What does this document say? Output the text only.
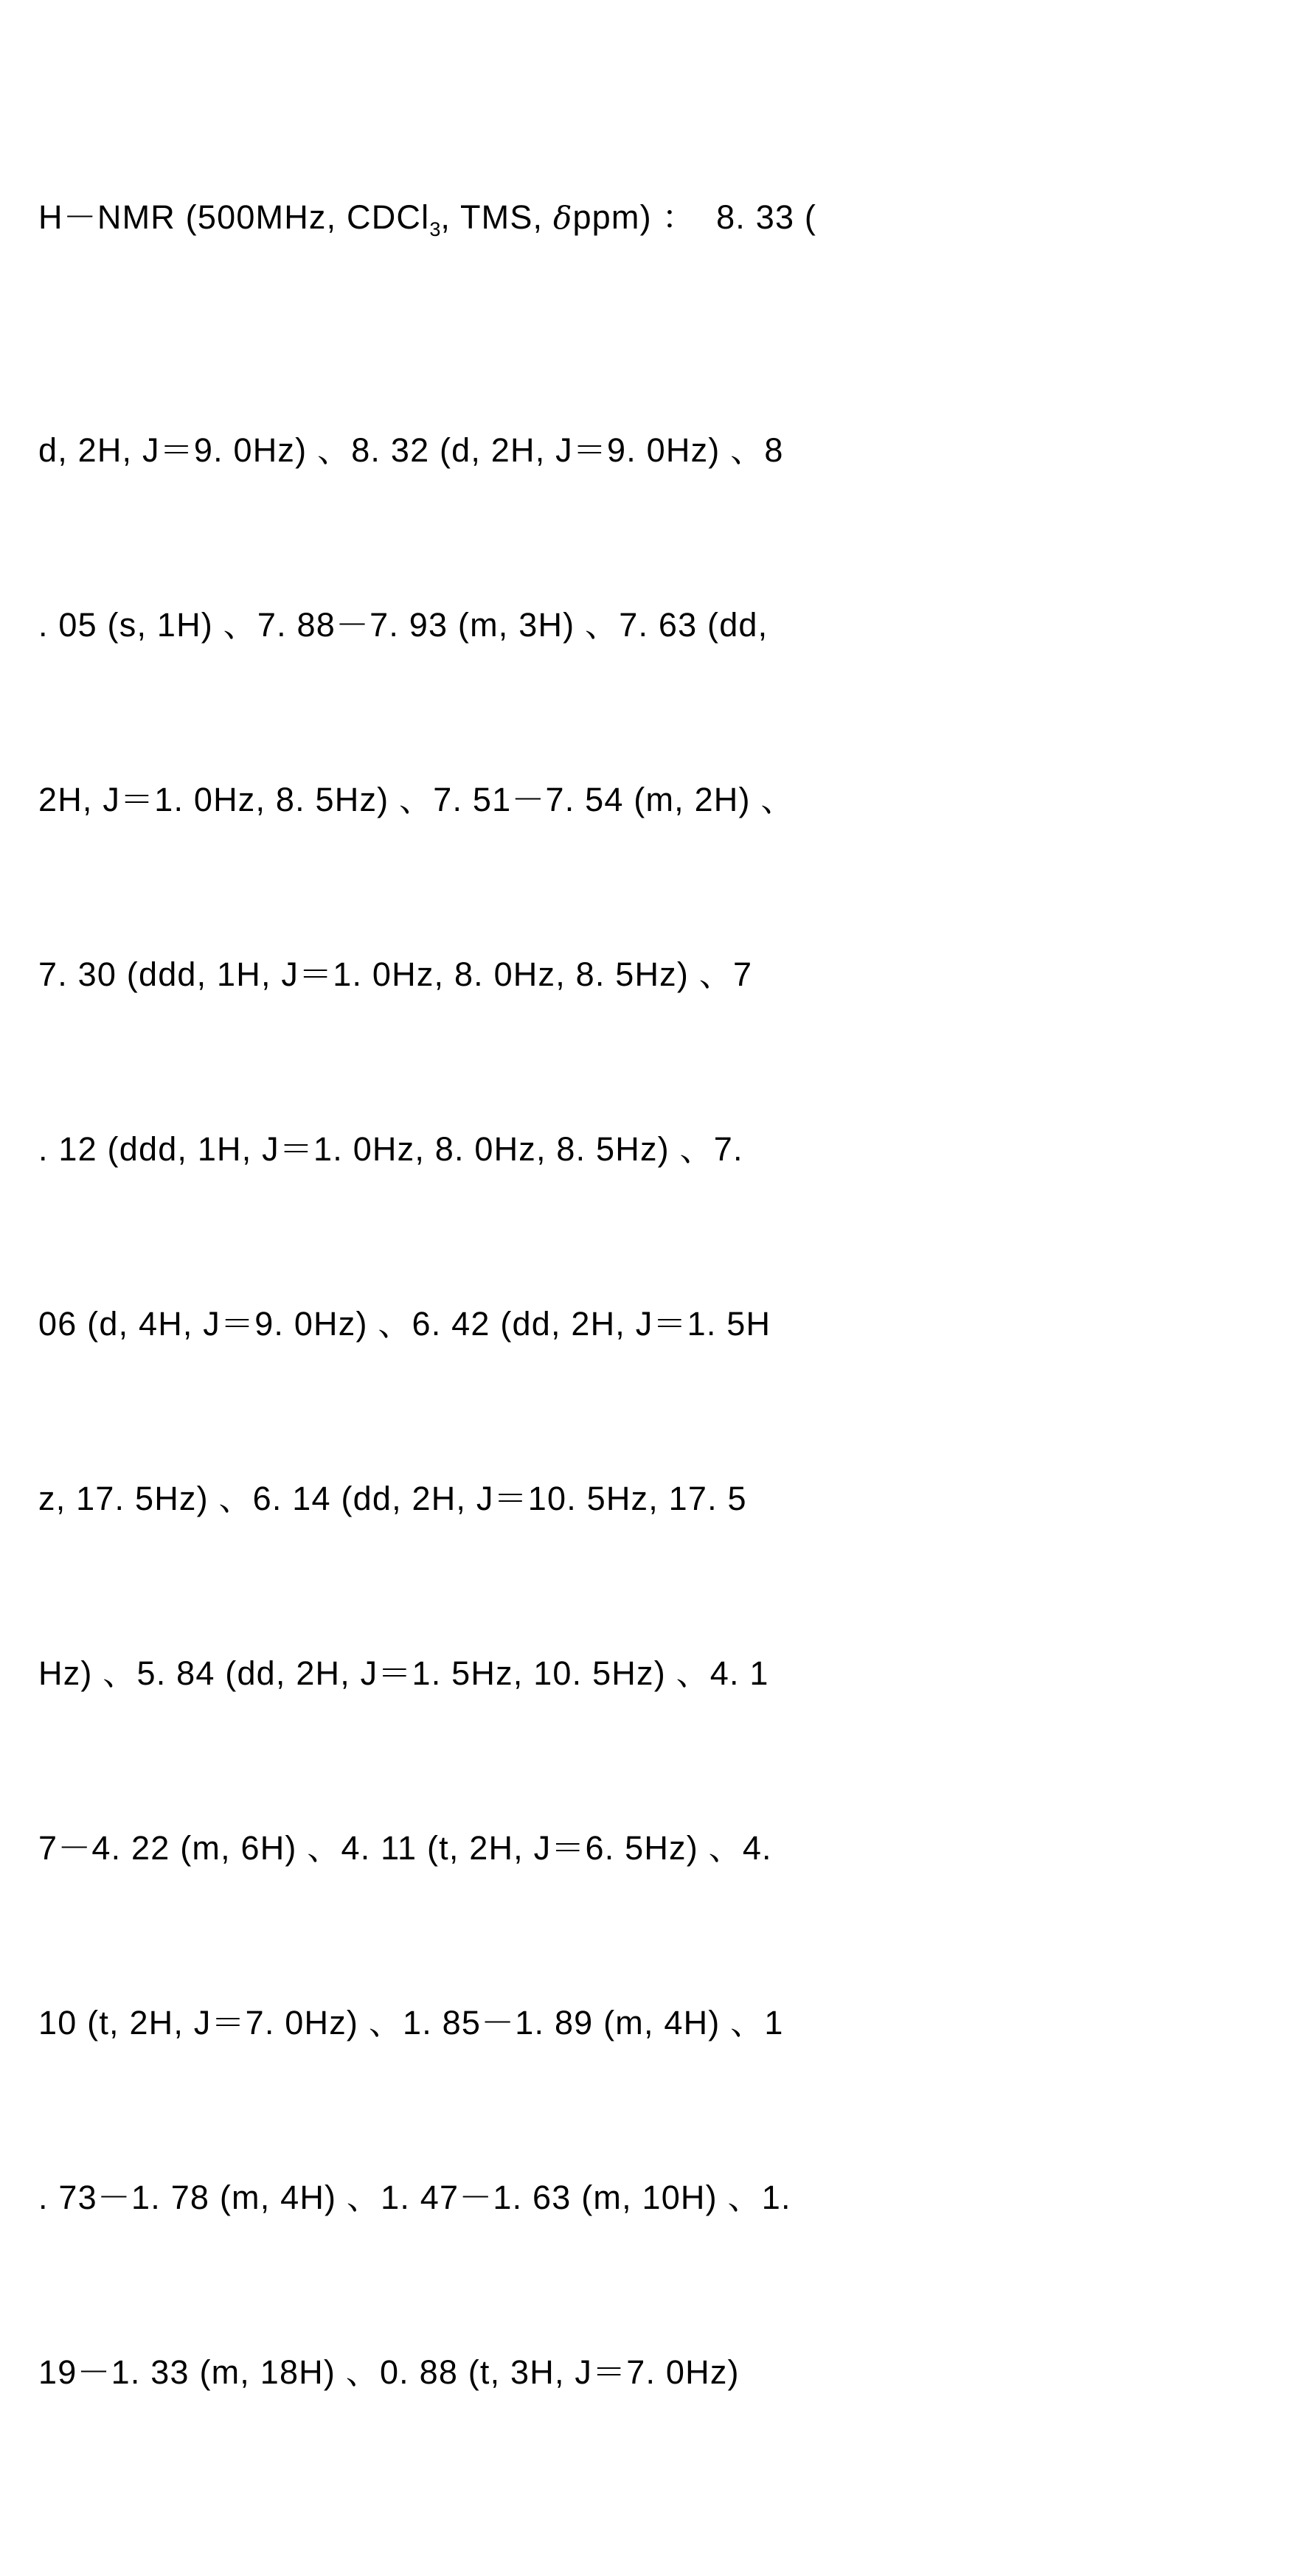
H－NMR (500MHz, CDCl$_3$, TMS, δppm) ：  8. 33 (

d, 2H, J＝9. 0Hz) 、8. 32 (d, 2H, J＝9. 0Hz) 、8

. 05 (s, 1H) 、7. 88－7. 93 (m, 3H) 、7. 63 (dd,

2H, J＝1. 0Hz, 8. 5Hz) 、7. 51－7. 54 (m, 2H) 、

7. 30 (ddd, 1H, J＝1. 0Hz, 8. 0Hz, 8. 5Hz) 、7

. 12 (ddd, 1H, J＝1. 0Hz, 8. 0Hz, 8. 5Hz) 、7.

06 (d, 4H, J＝9. 0Hz) 、6. 42 (dd, 2H, J＝1. 5H

z, 17. 5Hz) 、6. 14 (dd, 2H, J＝10. 5Hz, 17. 5

Hz) 、5. 84 (dd, 2H, J＝1. 5Hz, 10. 5Hz) 、4. 1

7－4. 22 (m, 6H) 、4. 11 (t, 2H, J＝6. 5Hz) 、4.

10 (t, 2H, J＝7. 0Hz) 、1. 85－1. 89 (m, 4H) 、1

. 73－1. 78 (m, 4H) 、1. 47－1. 63 (m, 10H) 、1.

19－1. 33 (m, 18H) 、0. 88 (t, 3H, J＝7. 0Hz)
